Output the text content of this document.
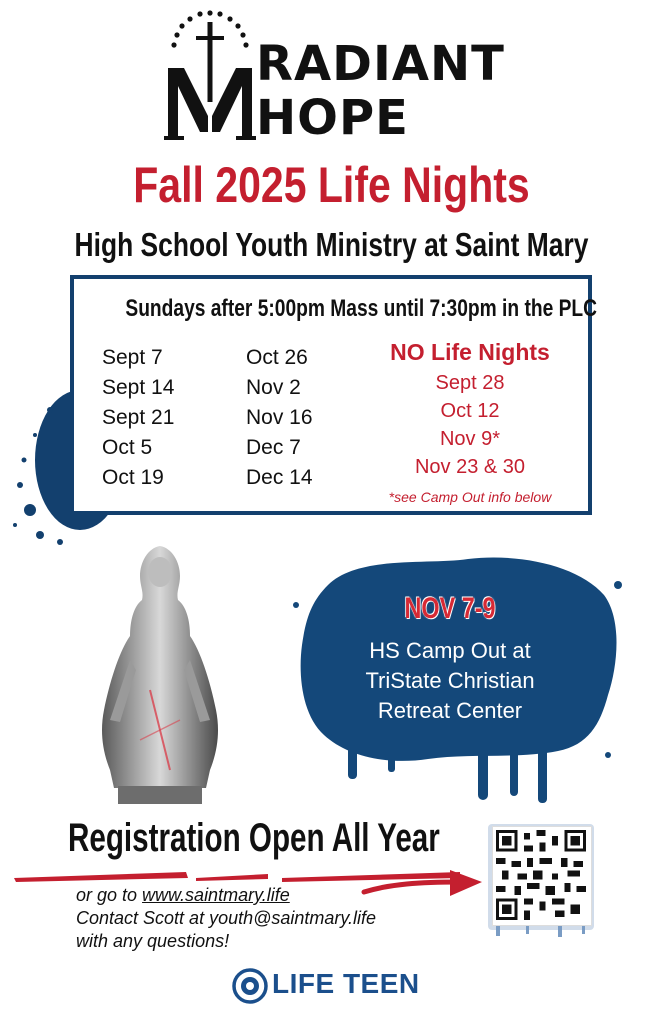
RADIANT
HOPE
Fall 2025 Life Nights
High School Youth Ministry at Saint Mary
Sundays after 5:00pm Mass until 7:30pm in the PLC
Sept 7
Sept 14
Sept 21
Oct 5
Oct 19
Oct 26
Nov 2
Nov 16
Dec 7
Dec 14
NO Life Nights
Sept 28
Oct 12
Nov 9*
Nov 23 & 30
*see Camp Out info below
NOV 7-9
HS Camp Out at
TriState Christian
Retreat Center
Registration Open All Year
or go to www.saintmary.life
Contact Scott at youth@saintmary.life
with any questions!
LIFE TEEN
